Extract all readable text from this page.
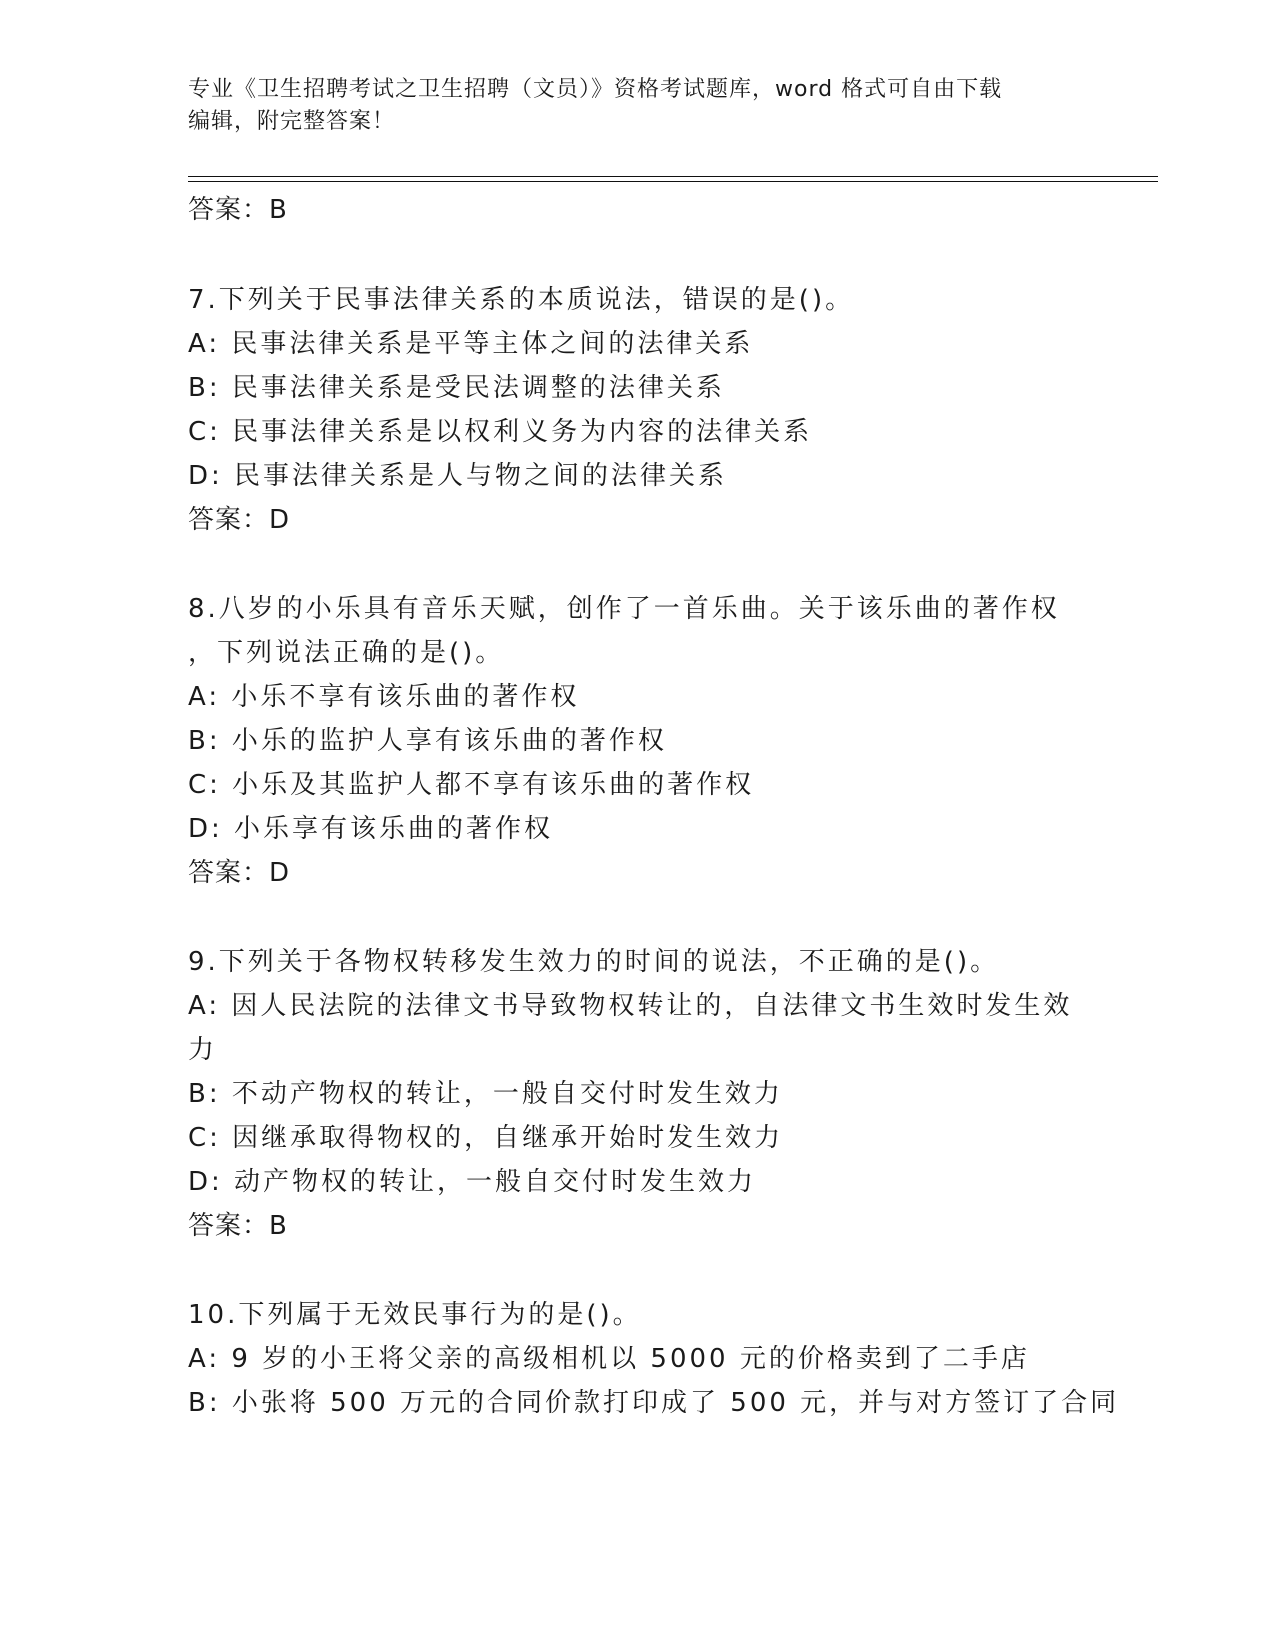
专业《卫生招聘考试之卫生招聘（文员）》资格考试题库，word 格式可自由下载
编辑，附完整答案！
答案：B
7.下列关于民事法律关系的本质说法，错误的是()。
A: 民事法律关系是平等主体之间的法律关系
B: 民事法律关系是受民法调整的法律关系
C: 民事法律关系是以权利义务为内容的法律关系
D: 民事法律关系是人与物之间的法律关系
答案：D
8.八岁的小乐具有音乐天赋，创作了一首乐曲。关于该乐曲的著作权
，下列说法正确的是()。
A: 小乐不享有该乐曲的著作权
B: 小乐的监护人享有该乐曲的著作权
C: 小乐及其监护人都不享有该乐曲的著作权
D: 小乐享有该乐曲的著作权
答案：D
9.下列关于各物权转移发生效力的时间的说法，不正确的是()。
A: 因人民法院的法律文书导致物权转让的，自法律文书生效时发生效
力
B: 不动产物权的转让，一般自交付时发生效力
C: 因继承取得物权的，自继承开始时发生效力
D: 动产物权的转让，一般自交付时发生效力
答案：B
10.下列属于无效民事行为的是()。
A: 9 岁的小王将父亲的高级相机以 5000 元的价格卖到了二手店
B: 小张将 500 万元的合同价款打印成了 500 元，并与对方签订了合同
